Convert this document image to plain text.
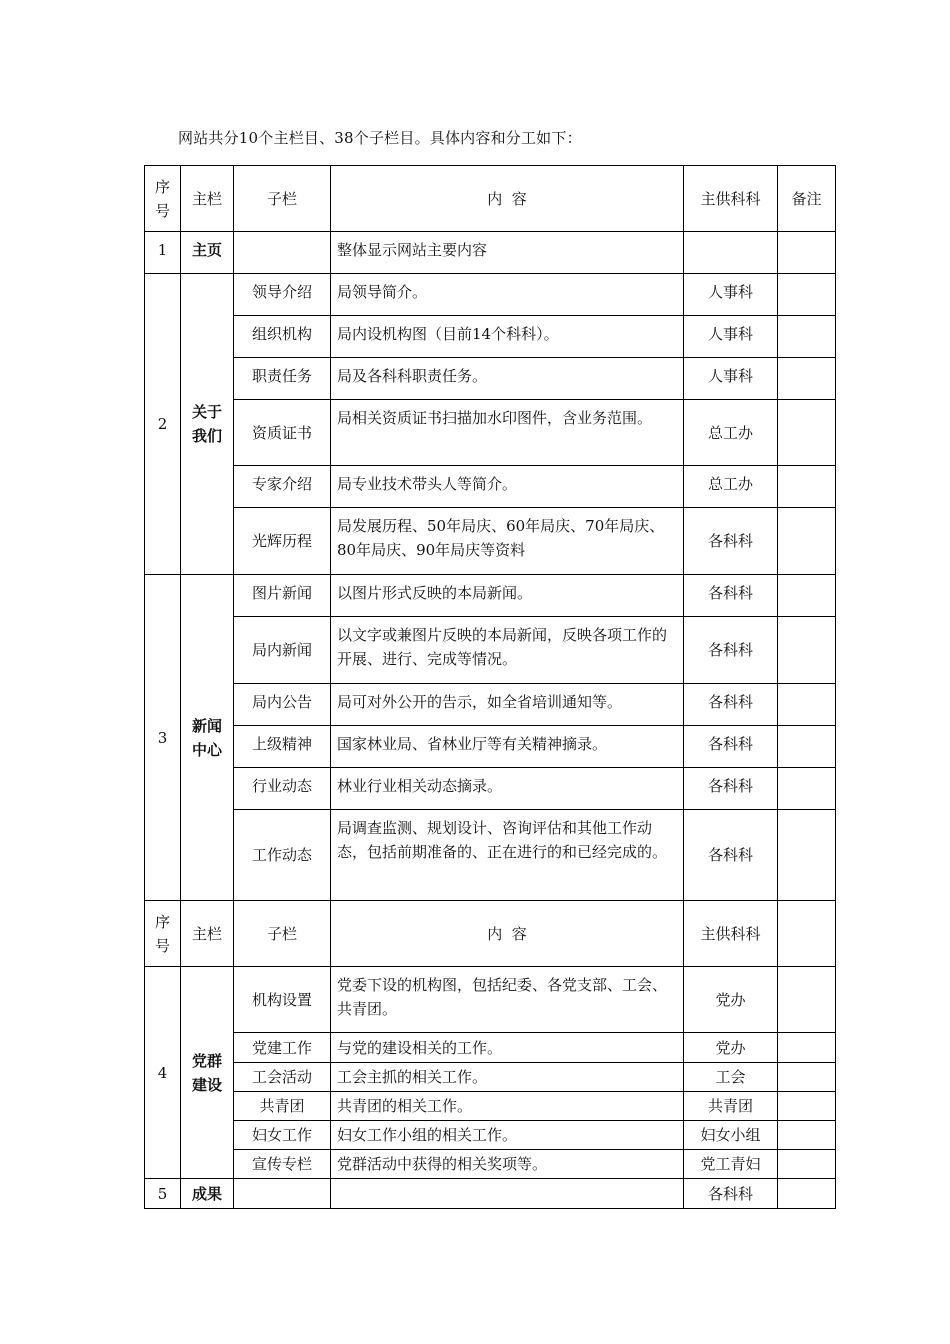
网站共分10个主栏目、38个子栏目。具体内容和分工如下：
序
号	主栏	子栏	内  容	主供科科	备注
1	主页		整体显示网站主要内容		
2	关于
我们	领导介绍	局领导简介。	人事科	
		组织机构	局内设机构图（目前14个科科）。	人事科	
		职责任务	局及各科科职责任务。	人事科	
		资质证书	局相关资质证书扫描加水印图件，含业务范围。	总工办	
		专家介绍	局专业技术带头人等简介。	总工办	
		光辉历程	局发展历程、50年局庆、60年局庆、70年局庆、80年局庆、90年局庆等资料	各科科	
3	新闻
中心	图片新闻	以图片形式反映的本局新闻。	各科科	
		局内新闻	以文字或兼图片反映的本局新闻，反映各项工作的开展、进行、完成等情况。	各科科	
		局内公告	局可对外公开的告示，如全省培训通知等。	各科科	
		上级精神	国家林业局、省林业厅等有关精神摘录。	各科科	
		行业动态	林业行业相关动态摘录。	各科科	
		工作动态	局调查监测、规划设计、咨询评估和其他工作动态，包括前期准备的、正在进行的和已经完成的。	各科科	

序
号	主栏	子栏	内  容	主供科科	
4	党群
建设	机构设置	党委下设的机构图，包括纪委、各党支部、工会、共青团。	党办	
		党建工作	与党的建设相关的工作。	党办	
		工会活动	工会主抓的相关工作。	工会	
		共青团	共青团的相关工作。	共青团	
		妇女工作	妇女工作小组的相关工作。	妇女小组	
		宣传专栏	党群活动中获得的相关奖项等。	党工青妇	
5	成果			各科科	
